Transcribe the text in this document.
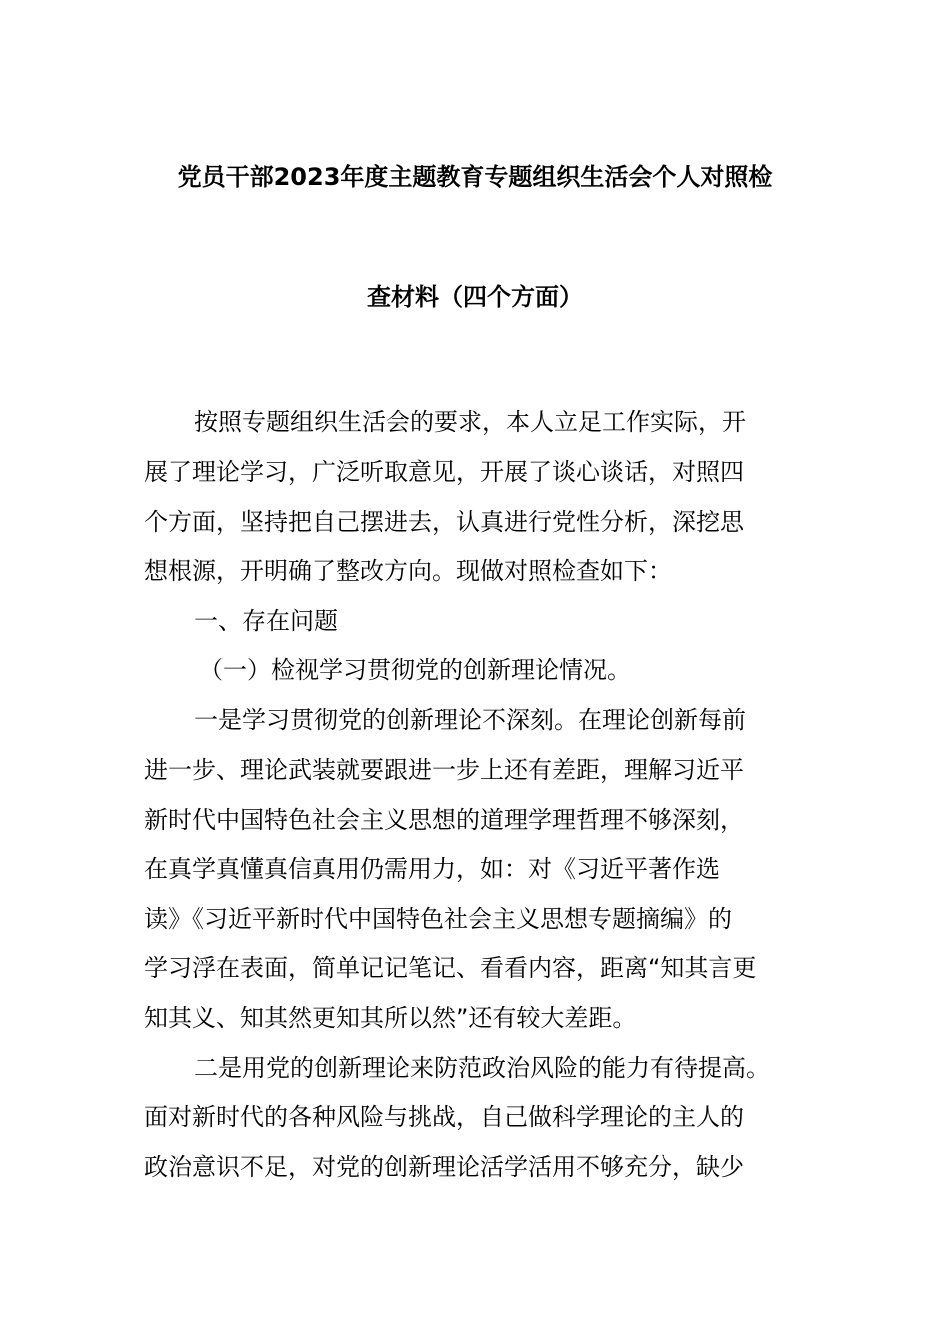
党员干部2023年度主题教育专题组织生活会个人对照检
查材料（四个方面）
按照专题组织生活会的要求，本人立足工作实际，开
展了理论学习，广泛听取意见，开展了谈心谈话，对照四
个方面，坚持把自己摆进去，认真进行党性分析，深挖思
想根源，开明确了整改方向。现做对照检查如下：
一、存在问题
（一）检视学习贯彻党的创新理论情况。
一是学习贯彻党的创新理论不深刻。在理论创新每前
进一步、理论武装就要跟进一步上还有差距，理解习近平
新时代中国特色社会主义思想的道理学理哲理不够深刻，
在真学真懂真信真用仍需用力，如：对《习近平著作选
读》《习近平新时代中国特色社会主义思想专题摘编》的
学习浮在表面，简单记记笔记、看看内容，距离“知其言更
知其义、知其然更知其所以然”还有较大差距。
二是用党的创新理论来防范政治风险的能力有待提高。
面对新时代的各种风险与挑战，自己做科学理论的主人的
政治意识不足，对党的创新理论活学活用不够充分，缺少
